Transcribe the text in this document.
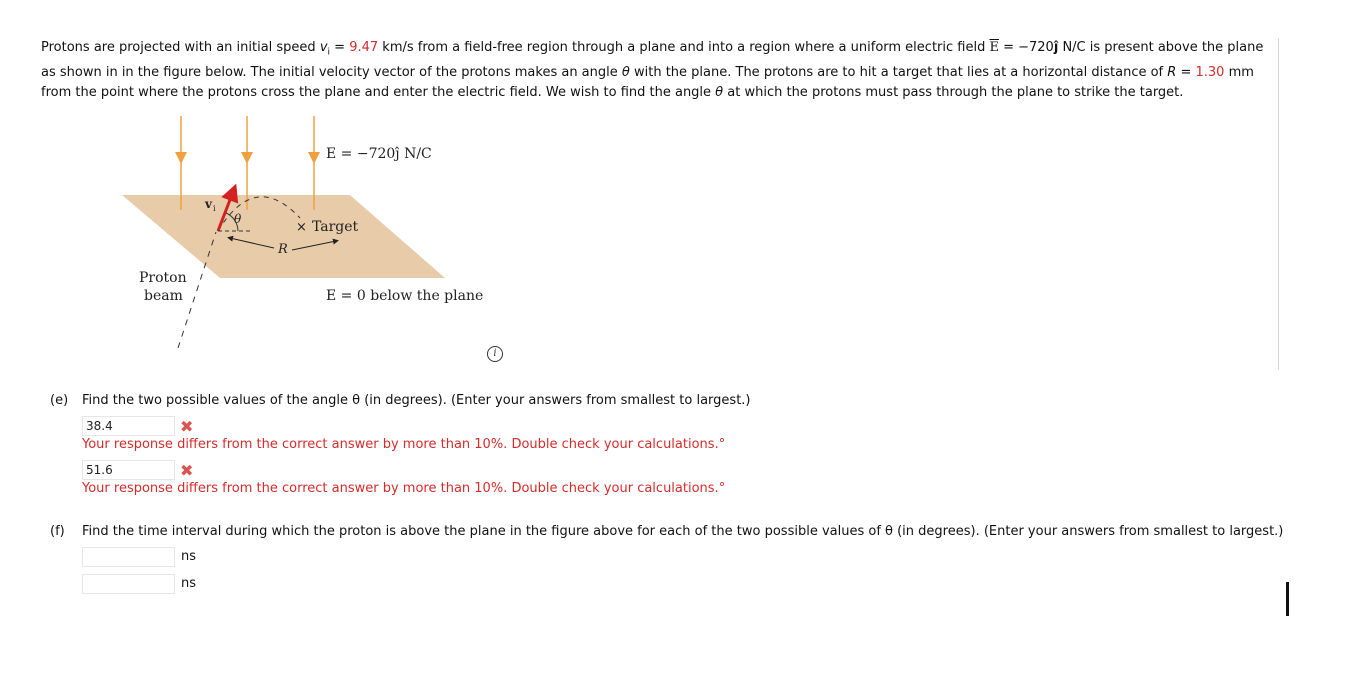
Protons are projected with an initial speed $v_i = 9.47$ km/s from a field-free region through a plane and into a region where a uniform electric field $\overline{E}$ = −720ĵ N/C is present above the plane as shown in in the figure below. The initial velocity vector of the protons makes an angle θ with the plane. The protons are to hit a target that lies at a horizontal distance of R = 1.30 mm from the point where the protons cross the plane and enter the electric field. We wish to find the angle θ at which the protons must pass through the plane to strike the target.
×
E = −720ĵ N/C
Target
R
θ
v i
Proton
beam	E = 0 below the plane
i
(e) Find the two possible values of the angle θ (in degrees). (Enter your answers from smallest to largest.)
38.4	✖
Your response differs from the correct answer by more than 10%. Double check your calculations.°
51.6	✖
Your response differs from the correct answer by more than 10%. Double check your calculations.°
(f) Find the time interval during which the proton is above the plane in the figure above for each of the two possible values of θ (in degrees). (Enter your answers from smallest to largest.)
ns
ns
